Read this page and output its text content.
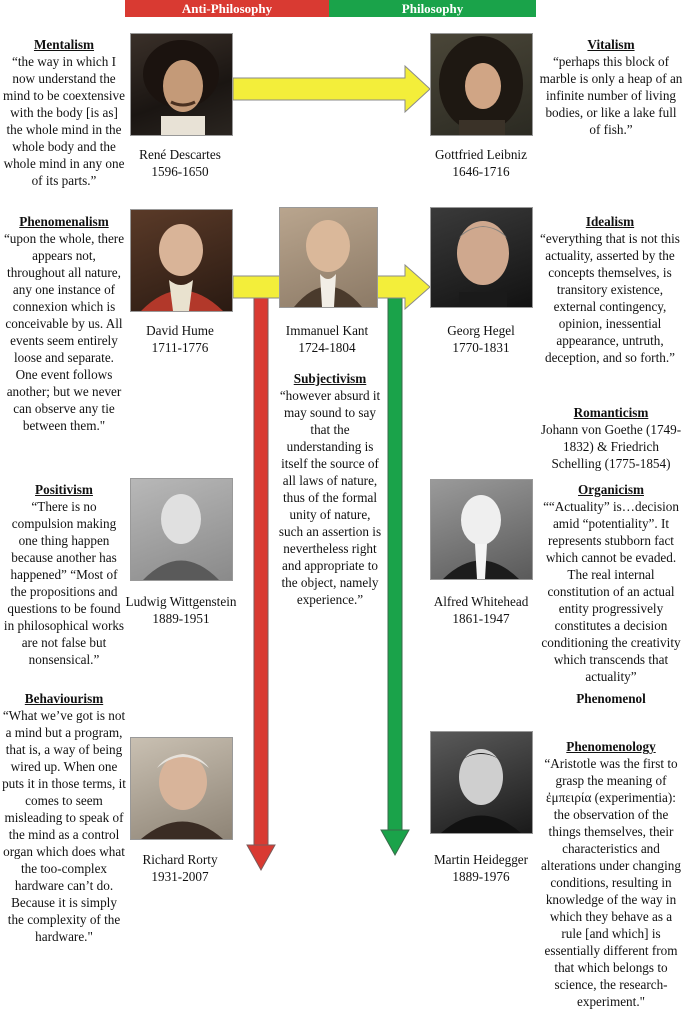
Anti-Philosophy	Philosophy
René Descartes
1596-1650
Gottfried Leibniz
1646-1716
David Hume
1711-1776
Immanuel Kant
1724-1804
Georg Hegel
1770-1831
Ludwig Wittgenstein
1889-1951
Alfred Whitehead
1861-1947
Richard Rorty
1931-2007
Martin Heidegger
1889-1976
Mentalism
“the way in which I now understand the mind to be coextensive with the body [is as] the whole mind in the whole body and the whole mind in any one of its parts.”
Vitalism
“perhaps this block of marble is only a heap of an infinite number of living bodies, or like a lake full of fish.”
Phenomenalism
“upon the whole, there appears not, throughout all nature, any one instance of connexion which is conceivable by us. All events seem entirely loose and separate. One event follows another; but we never can observe any tie between them."
Idealism
“everything that is not this actuality, asserted by the concepts themselves, is transitory existence, external contingency, opinion, inessential appearance, untruth, deception, and so forth.”
Subjectivism
“however absurd it may sound to say that the understanding is itself the source of all laws of nature, thus of the formal unity of nature, such an assertion is nevertheless right and appropriate to the object, namely experience.”
Romanticism
Johann von Goethe (1749-1832) & Friedrich Schelling (1775-1854)
Positivism
“There is no compulsion making one thing happen because another has happened” “Most of the propositions and questions to be found in philosophical works are not false but nonsensical.”
Organicism
““Actuality” is…decision amid “potentiality”. It represents stubborn fact which cannot be evaded. The real internal constitution of an actual entity progressively constitutes a decision conditioning the creativity which transcends that actuality”
Behaviourism
“What we’ve got is not a mind but a program, that is, a way of being wired up. When one puts it in those terms, it comes to seem misleading to speak of the mind as a control organ which does what the too-complex hardware can’t do. Because it is simply the complexity of the hardware."
Phenomenol
Phenomenology
“Aristotle was the first to grasp the meaning of ἐμπειρία (experimentia): the observation of the things themselves, their characteristics and alterations under changing conditions, resulting in knowledge of the way in which they behave as a rule [and which] is essentially different from that which belongs to science, the research-experiment."
